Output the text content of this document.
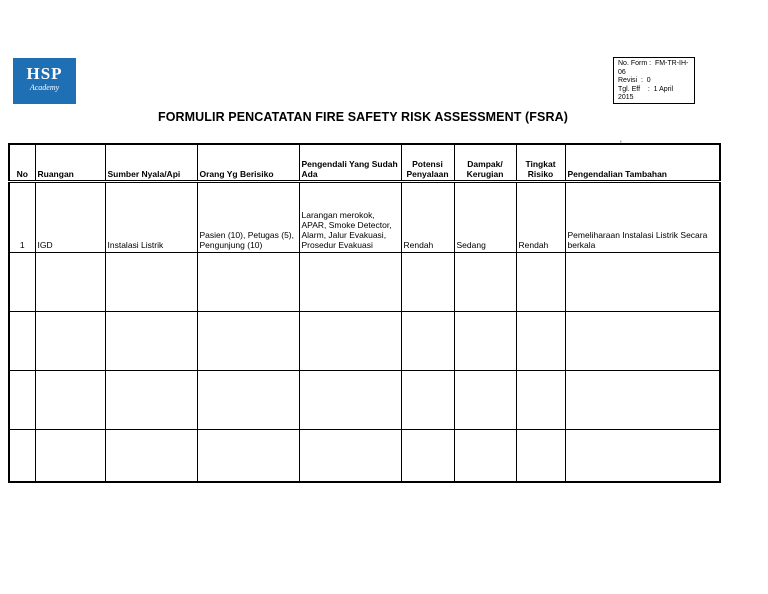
HSP
Academy
No. Form :  FM-TR-IH-06
Revisi  :  0
Tgl. Eff    :  1 April 2015
FORMULIR PENCATATAN FIRE SAFETY RISK ASSESSMENT (FSRA)
ʼ
No	Ruangan	Sumber Nyala/Api	Orang Yg Berisiko	Pengendali Yang Sudah Ada	Potensi Penyalaan	Dampak/ Kerugian	Tingkat Risiko	Pengendalian Tambahan
1	IGD	Instalasi Listrik	Pasien (10), Petugas (5), Pengunjung (10)	Larangan merokok, APAR, Smoke Detector, Alarm, Jalur Evakuasi, Prosedur Evakuasi	Rendah	Sedang	Rendah	Pemeliharaan Instalasi Listrik Secara berkala
